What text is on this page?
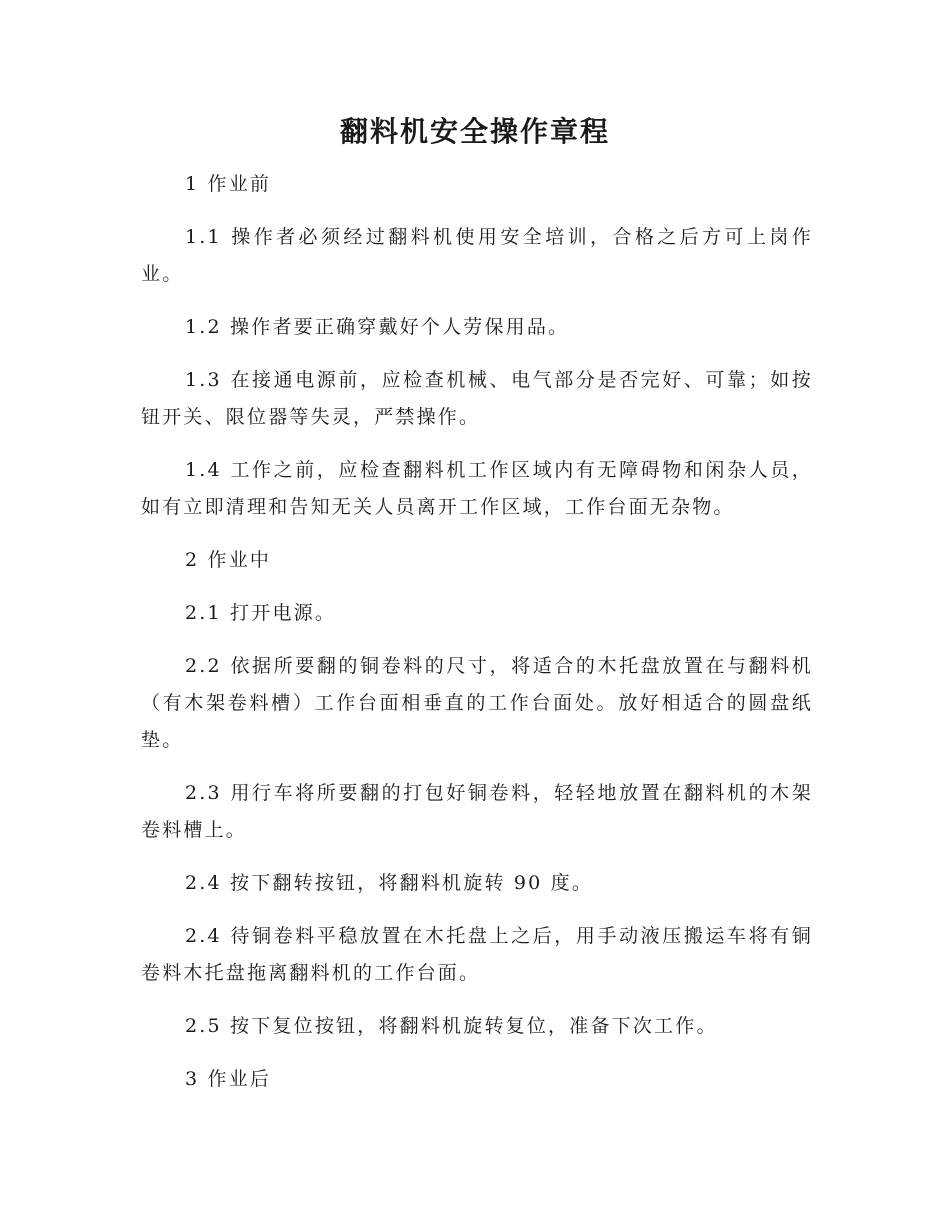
翻料机安全操作章程

1 作业前

1.1 操作者必须经过翻料机使用安全培训，合格之后方可上岗作业。

1.2 操作者要正确穿戴好个人劳保用品。

1.3 在接通电源前，应检查机械、电气部分是否完好、可靠；如按钮开关、限位器等失灵，严禁操作。

1.4 工作之前，应检查翻料机工作区域内有无障碍物和闲杂人员，如有立即清理和告知无关人员离开工作区域，工作台面无杂物。

2 作业中

2.1 打开电源。

2.2 依据所要翻的铜卷料的尺寸，将适合的木托盘放置在与翻料机（有木架卷料槽）工作台面相垂直的工作台面处。放好相适合的圆盘纸垫。

2.3 用行车将所要翻的打包好铜卷料，轻轻地放置在翻料机的木架卷料槽上。

2.4 按下翻转按钮，将翻料机旋转 90 度。

2.4 待铜卷料平稳放置在木托盘上之后，用手动液压搬运车将有铜卷料木托盘拖离翻料机的工作台面。

2.5 按下复位按钮，将翻料机旋转复位，准备下次工作。

3 作业后
